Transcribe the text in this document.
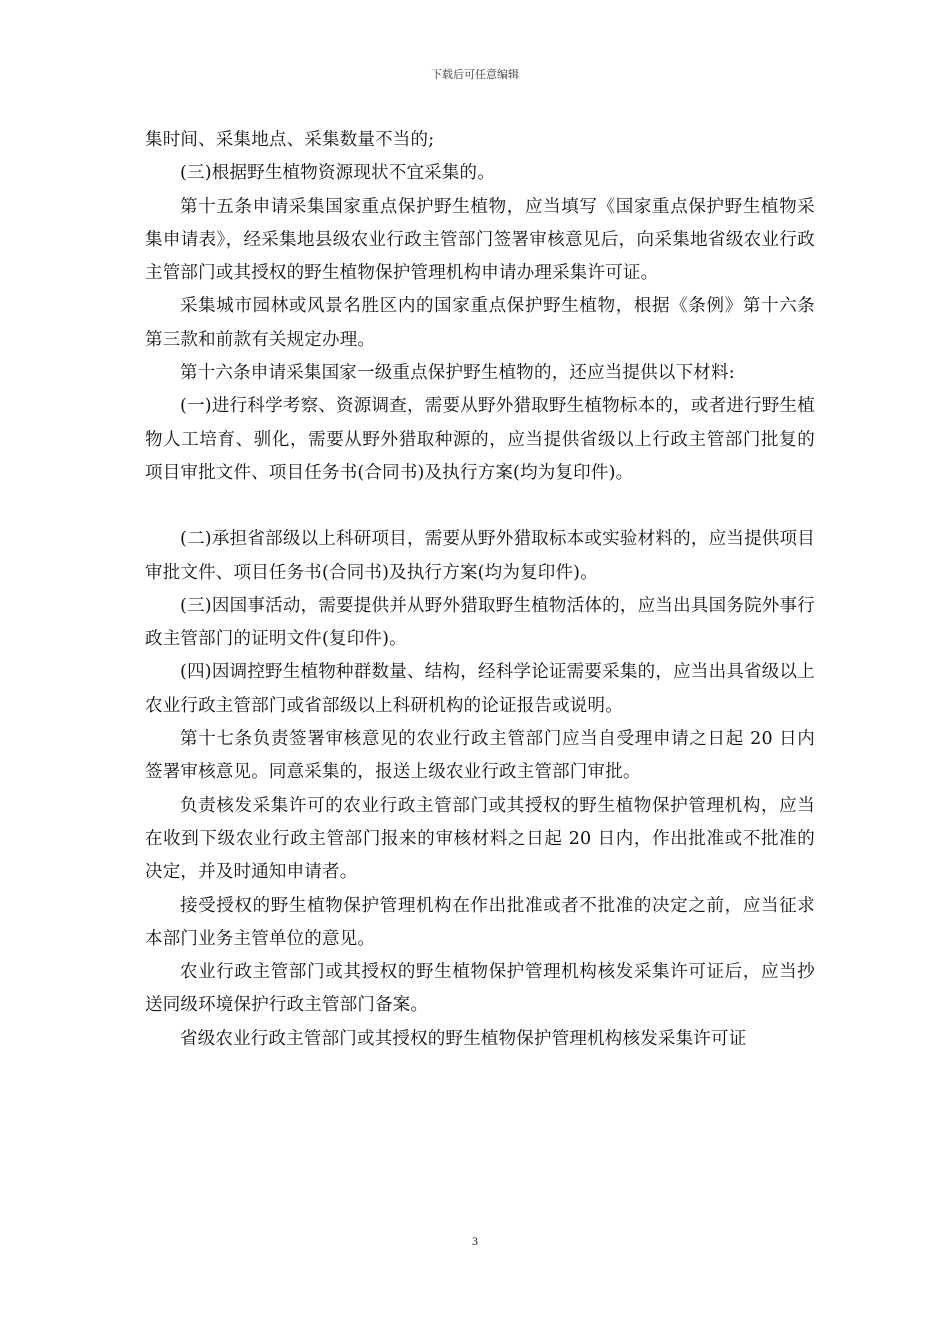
下载后可任意编辑

集时间、采集地点、采集数量不当的;

(三)根据野生植物资源现状不宜采集的。

第十五条申请采集国家重点保护野生植物，应当填写《国家重点保护野生植物采集申请表》，经采集地县级农业行政主管部门签署审核意见后，向采集地省级农业行政主管部门或其授权的野生植物保护管理机构申请办理采集许可证。

采集城市园林或风景名胜区内的国家重点保护野生植物，根据《条例》第十六条第三款和前款有关规定办理。

第十六条申请采集国家一级重点保护野生植物的，还应当提供以下材料:

(一)进行科学考察、资源调查，需要从野外猎取野生植物标本的，或者进行野生植物人工培育、驯化，需要从野外猎取种源的，应当提供省级以上行政主管部门批复的项目审批文件、项目任务书(合同书)及执行方案(均为复印件)。

(二)承担省部级以上科研项目，需要从野外猎取标本或实验材料的，应当提供项目审批文件、项目任务书(合同书)及执行方案(均为复印件)。

(三)因国事活动，需要提供并从野外猎取野生植物活体的，应当出具国务院外事行政主管部门的证明文件(复印件)。

(四)因调控野生植物种群数量、结构，经科学论证需要采集的，应当出具省级以上农业行政主管部门或省部级以上科研机构的论证报告或说明。

第十七条负责签署审核意见的农业行政主管部门应当自受理申请之日起 20 日内签署审核意见。同意采集的，报送上级农业行政主管部门审批。

负责核发采集许可的农业行政主管部门或其授权的野生植物保护管理机构，应当在收到下级农业行政主管部门报来的审核材料之日起 20 日内，作出批准或不批准的决定，并及时通知申请者。

接受授权的野生植物保护管理机构在作出批准或者不批准的决定之前，应当征求本部门业务主管单位的意见。

农业行政主管部门或其授权的野生植物保护管理机构核发采集许可证后，应当抄送同级环境保护行政主管部门备案。

省级农业行政主管部门或其授权的野生植物保护管理机构核发采集许可证

3
